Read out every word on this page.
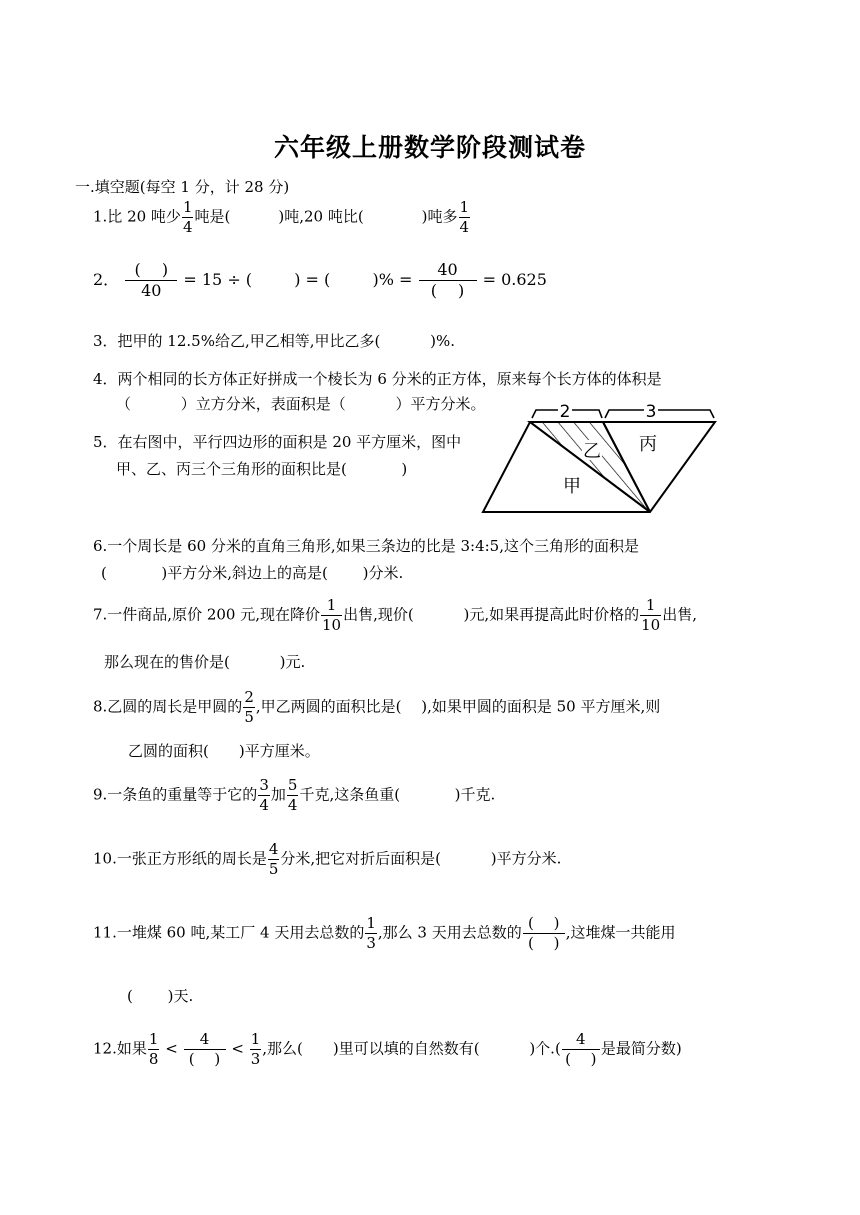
六年级上册数学阶段测试卷
一.填空题(每空 1 分，计 28 分)
1.比 20 吨少 $\frac{1}{4}$ 吨是(	)吨,20 吨比(	)吨多 $\frac{1}{4}$
2． $\frac{( )}{40} = 15$ ÷ (　 　 ) = (　 　 )% = $\frac{40}{( )} = 0.625$
3．把甲的 12.5%给乙,甲乙相等,甲比乙多(　　 　)%.
4．两个相同的长方体正好拼成一个棱长为 6 分米的正方体，原来每个长方体的体积是
（　　 　）立方分米，表面积是（　　 　）平方分米。
5．在右图中，平行四边形的面积是 20 平方厘米，图中
甲、乙、丙三个三角形的面积比是(　　 　 )
2	3
乙 丙
甲
6.一个周长是 60 分米的直角三角形,如果三条边的比是 3:4:5,这个三角形的面积是
(　　 　 )平方分米,斜边上的高是(　　 )分米.
7.一件商品,原价 200 元,现在降价 $\frac{1}{10}$ 出售,现价(　　 　)元,如果再提高此时价格的 $\frac{1}{10}$ 出售,
那么现在的售价是(　　 　)元.
8.乙圆的周长是甲圆的 $\frac{2}{5}$ ,甲乙两圆的面积比是(　 ),如果甲圆的面积是 50 平方厘米,则
乙圆的面积(　　)平方厘米。
9.一条鱼的重量等于它的 $\frac{3}{4}$ 加 $\frac{5}{4}$ 千克,这条鱼重(　　 　 )千克.
10.一张正方形纸的周长是 $\frac{4}{5}$ 分米,把它对折后面积是(　　 　)平方分米.
11.一堆煤 60 吨,某工厂 4 天用去总数的 $\frac{1}{3}$ ,那么 3 天用去总数的 $\frac{( )}{( )}$ ,这堆煤一共能用
(　　 )天.
12.如果 $\frac{1}{8} < \frac{4}{( )} < \frac{1}{3}$ ,那么(　　)里可以填的自然数有(　　 　)个.( $\frac{4}{( )}$ 是最简分数)
